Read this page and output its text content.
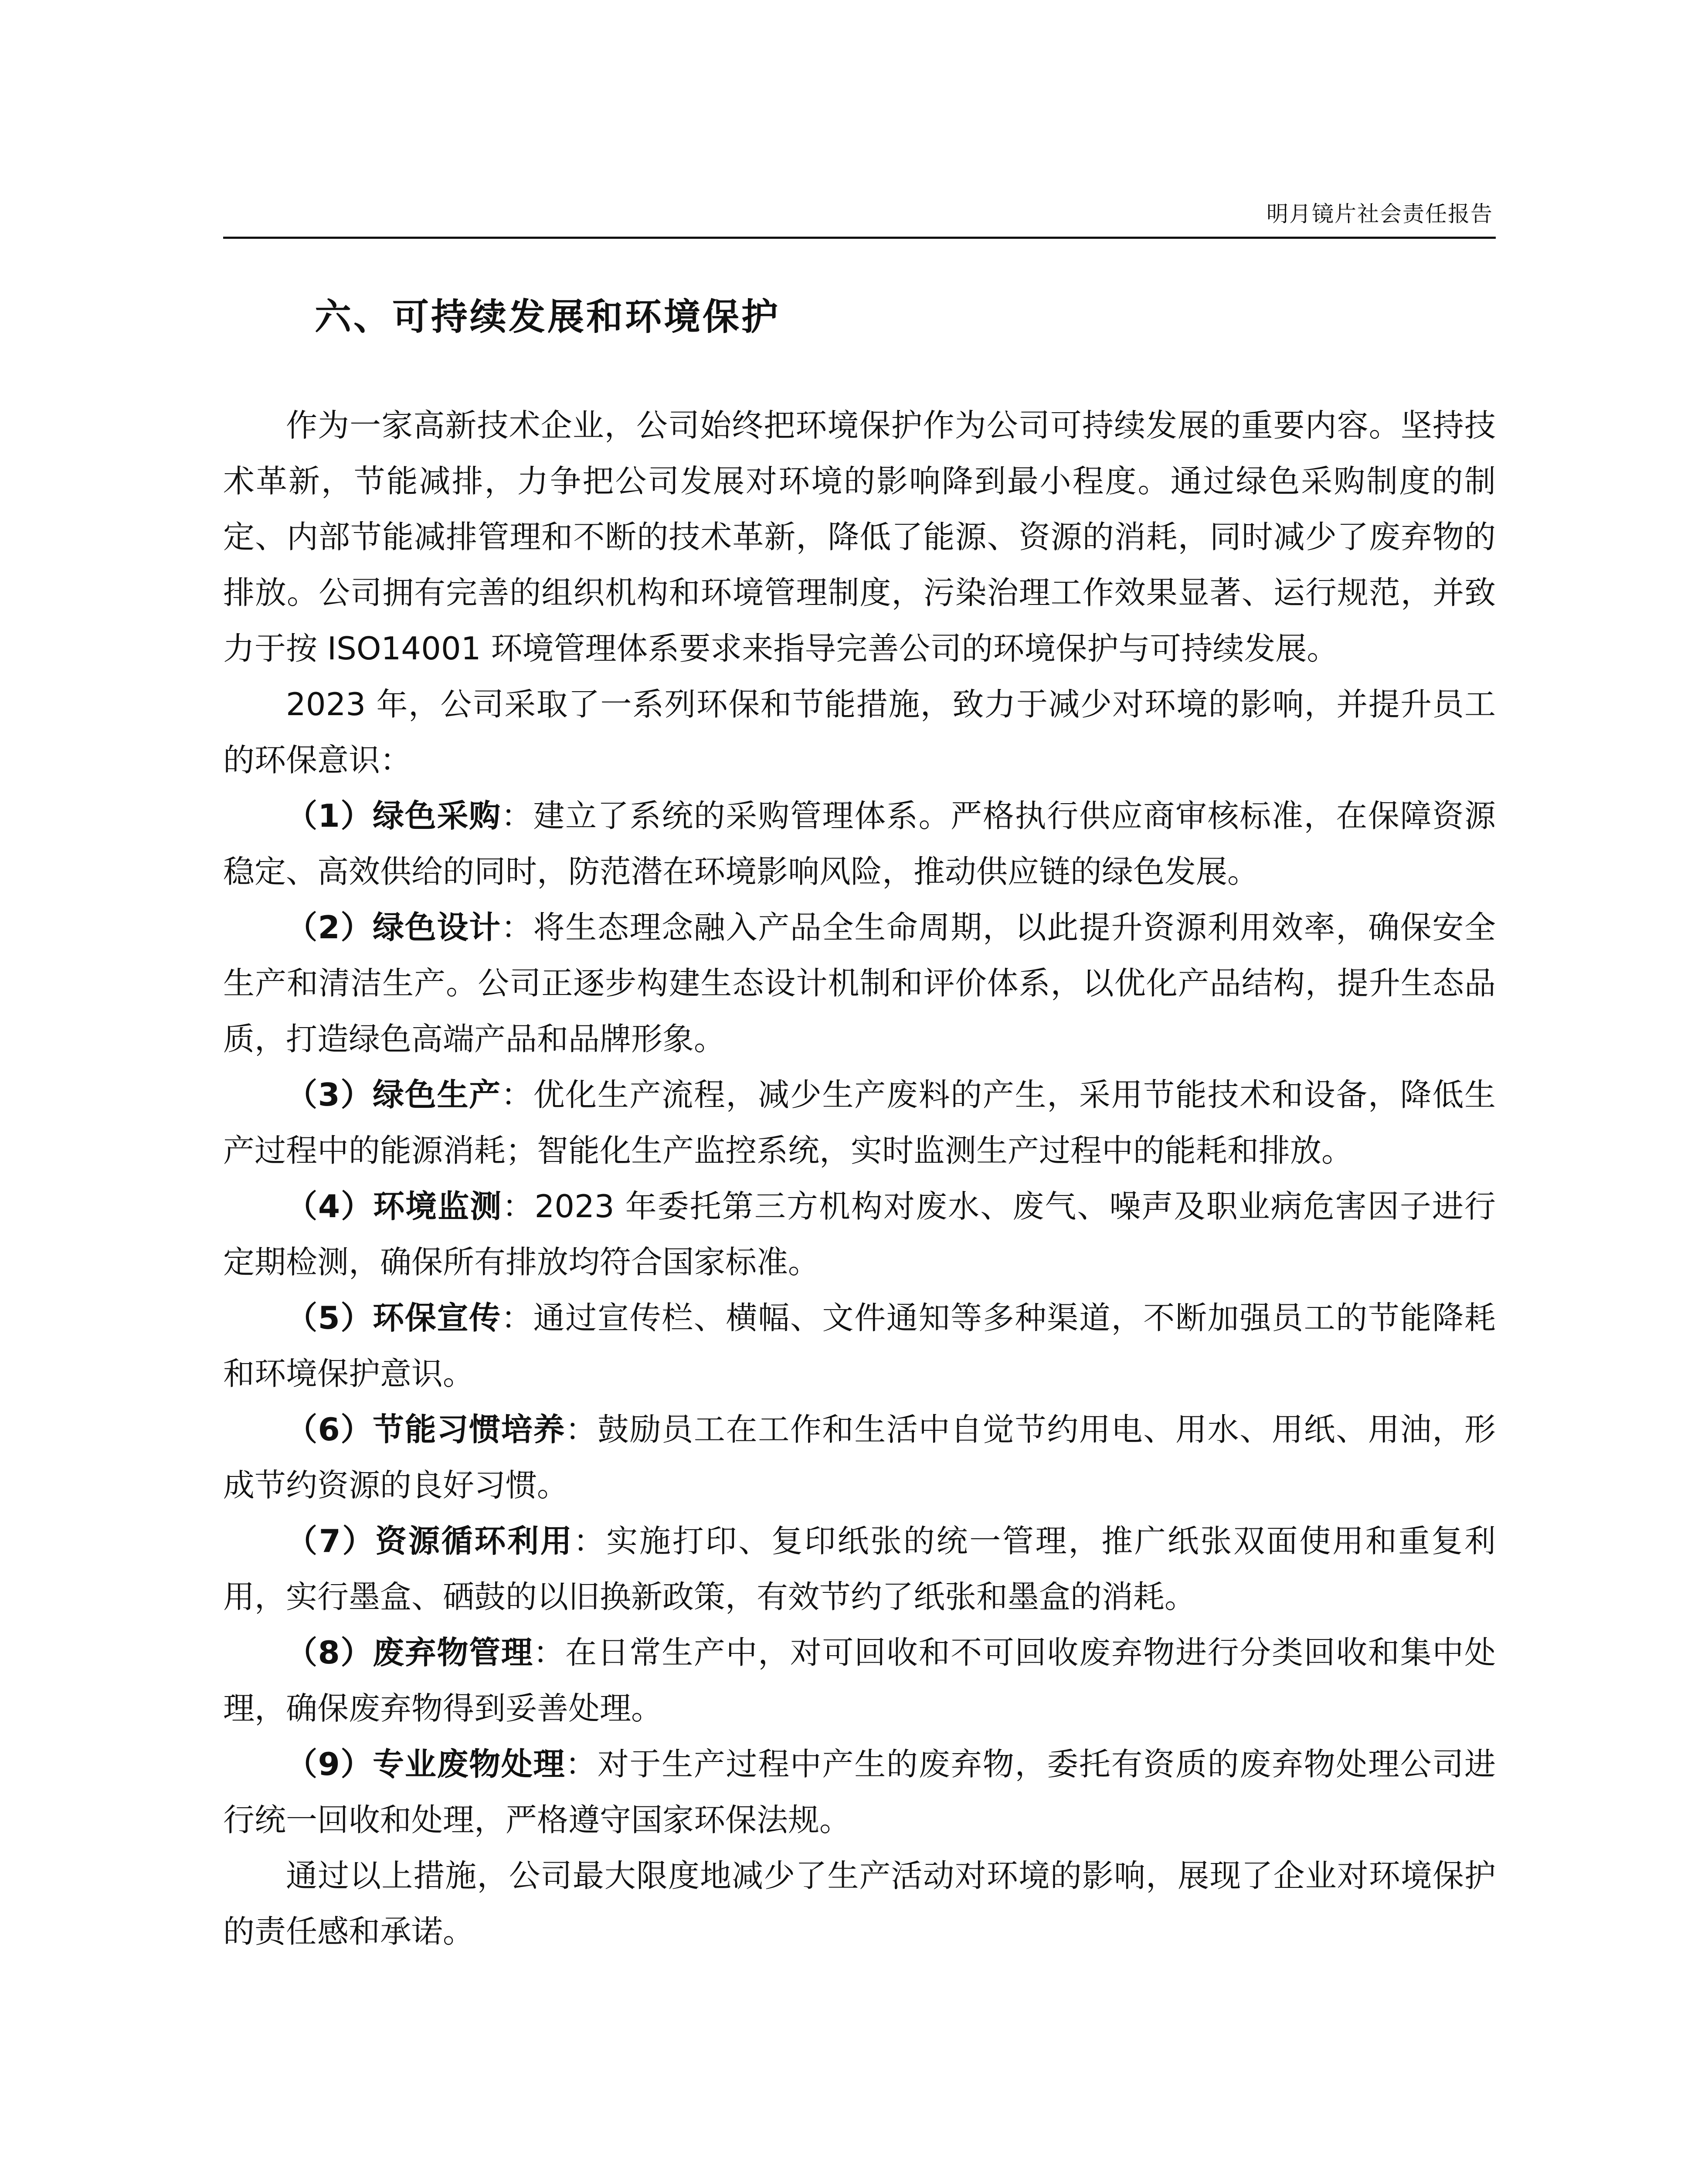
明月镜片社会责任报告
六、可持续发展和环境保护

作为一家高新技术企业，公司始终把环境保护作为公司可持续发展的重要内容。坚持技术革新，节能减排，力争把公司发展对环境的影响降到最小程度。通过绿色采购制度的制定、内部节能减排管理和不断的技术革新，降低了能源、资源的消耗，同时减少了废弃物的排放。公司拥有完善的组织机构和环境管理制度，污染治理工作效果显著、运行规范，并致力于按 ISO14001 环境管理体系要求来指导完善公司的环境保护与可持续发展。

2023 年，公司采取了一系列环保和节能措施，致力于减少对环境的影响，并提升员工的环保意识：

（1）绿色采购：建立了系统的采购管理体系。严格执行供应商审核标准，在保障资源稳定、高效供给的同时，防范潜在环境影响风险，推动供应链的绿色发展。

（2）绿色设计：将生态理念融入产品全生命周期，以此提升资源利用效率，确保安全生产和清洁生产。公司正逐步构建生态设计机制和评价体系，以优化产品结构，提升生态品质，打造绿色高端产品和品牌形象。

（3）绿色生产：优化生产流程，减少生产废料的产生，采用节能技术和设备，降低生产过程中的能源消耗；智能化生产监控系统，实时监测生产过程中的能耗和排放。

（4）环境监测：2023 年委托第三方机构对废水、废气、噪声及职业病危害因子进行定期检测，确保所有排放均符合国家标准。

（5）环保宣传：通过宣传栏、横幅、文件通知等多种渠道，不断加强员工的节能降耗和环境保护意识。

（6）节能习惯培养：鼓励员工在工作和生活中自觉节约用电、用水、用纸、用油，形成节约资源的良好习惯。

（7）资源循环利用：实施打印、复印纸张的统一管理，推广纸张双面使用和重复利用，实行墨盒、硒鼓的以旧换新政策，有效节约了纸张和墨盒的消耗。

（8）废弃物管理：在日常生产中，对可回收和不可回收废弃物进行分类回收和集中处理，确保废弃物得到妥善处理。

（9）专业废物处理：对于生产过程中产生的废弃物，委托有资质的废弃物处理公司进行统一回收和处理，严格遵守国家环保法规。

通过以上措施，公司最大限度地减少了生产活动对环境的影响，展现了企业对环境保护的责任感和承诺。
